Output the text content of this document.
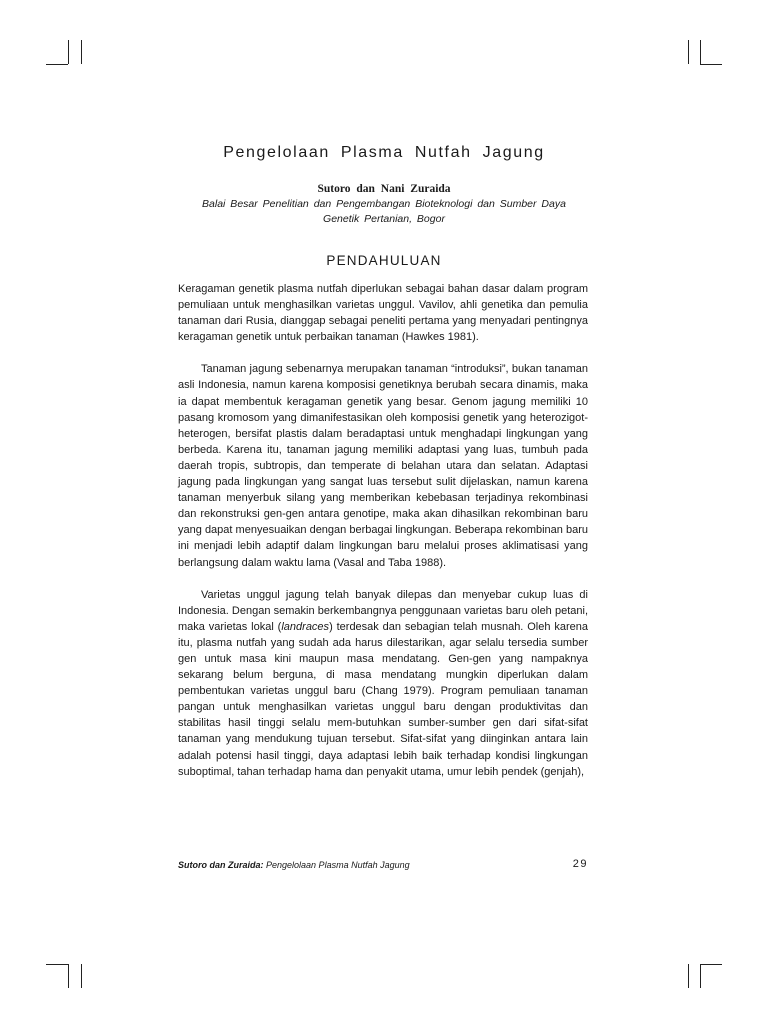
Pengelolaan Plasma Nutfah Jagung
Sutoro dan Nani Zuraida
Balai Besar Penelitian dan Pengembangan Bioteknologi dan Sumber Daya
Genetik Pertanian, Bogor
PENDAHULUAN

Keragaman genetik plasma nutfah diperlukan sebagai bahan dasar dalam program pemuliaan untuk menghasilkan varietas unggul. Vavilov, ahli genetika dan pemulia tanaman dari Rusia, dianggap sebagai peneliti pertama yang menyadari pentingnya keragaman genetik untuk perbaikan tanaman (Hawkes 1981).

Tanaman jagung sebenarnya merupakan tanaman “introduksi”, bukan tanaman asli Indonesia, namun karena komposisi genetiknya berubah secara dinamis, maka ia dapat membentuk keragaman genetik yang besar. Genom jagung memiliki 10 pasang kromosom yang dimanifestasikan oleh komposisi genetik yang heterozigot-heterogen, bersifat plastis dalam beradaptasi untuk menghadapi lingkungan yang berbeda. Karena itu, tanaman jagung memiliki adaptasi yang luas, tumbuh pada daerah tropis, subtropis, dan temperate di belahan utara dan selatan. Adaptasi jagung pada lingkungan yang sangat luas tersebut sulit dijelaskan, namun karena tanaman menyerbuk silang yang memberikan kebebasan terjadinya rekombinasi dan rekonstruksi gen-gen antara genotipe, maka akan dihasilkan rekombinan baru yang dapat menyesuaikan dengan berbagai lingkungan. Beberapa rekombinan baru ini menjadi lebih adaptif dalam lingkungan baru melalui proses aklimatisasi yang berlangsung dalam waktu lama (Vasal and Taba 1988).

Varietas unggul jagung telah banyak dilepas dan menyebar cukup luas di Indonesia. Dengan semakin berkembangnya penggunaan varietas baru oleh petani, maka varietas lokal (landraces) terdesak dan sebagian telah musnah. Oleh karena itu, plasma nutfah yang sudah ada harus dilestarikan, agar selalu tersedia sumber gen untuk masa kini maupun masa mendatang. Gen-gen yang nampaknya sekarang belum berguna, di masa mendatang mungkin diperlukan dalam pembentukan varietas unggul baru (Chang 1979). Program pemuliaan tanaman pangan untuk menghasilkan varietas unggul baru dengan produktivitas dan stabilitas hasil tinggi selalu mem-butuhkan sumber-sumber gen dari sifat-sifat tanaman yang mendukung tujuan tersebut. Sifat-sifat yang diinginkan antara lain adalah potensi hasil tinggi, daya adaptasi lebih baik terhadap kondisi lingkungan suboptimal, tahan terhadap hama dan penyakit utama, umur lebih pendek (genjah),

Sutoro dan Zuraida: Pengelolaan Plasma Nutfah Jagung	29
